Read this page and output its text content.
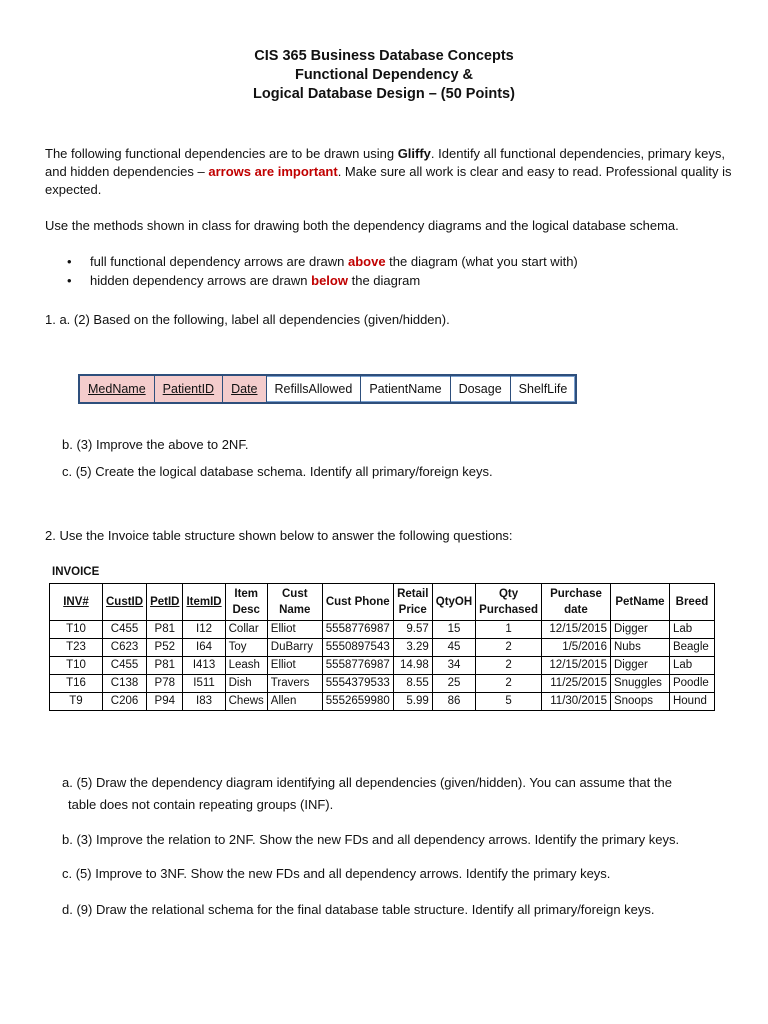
CIS 365 Business Database Concepts
Functional Dependency &
Logical Database Design – (50 Points)
The following functional dependencies are to be drawn using Gliffy. Identify all functional dependencies, primary keys, and hidden dependencies – arrows are important. Make sure all work is clear and easy to read. Professional quality is expected.
Use the methods shown in class for drawing both the dependency diagrams and the logical database schema.
• full functional dependency arrows are drawn above the diagram (what you start with)
• hidden dependency arrows are drawn below the diagram
1. a. (2) Based on the following, label all dependencies (given/hidden).
MedName	PatientID	Date	RefillsAllowed	PatientName	Dosage	ShelfLife
b. (3) Improve the above to 2NF.
c. (5) Create the logical database schema. Identify all primary/foreign keys.
2. Use the Invoice table structure shown below to answer the following questions:
INVOICE
INV#	CustID	PetID	ItemID	Item Desc	Cust Name	Cust Phone	Retail Price	QtyOH	Qty Purchased	Purchase date	PetName	Breed
T10	C455	P81	I12	Collar	Elliot	5558776987	9.57	15	1	12/15/2015	Digger	Lab
T23	C623	P52	I64	Toy	DuBarry	5550897543	3.29	45	2	1/5/2016	Nubs	Beagle
T10	C455	P81	I413	Leash	Elliot	5558776987	14.98	34	2	12/15/2015	Digger	Lab
T16	C138	P78	I511	Dish	Travers	5554379533	8.55	25	2	11/25/2015	Snuggles	Poodle
T9	C206	P94	I83	Chews	Allen	5552659980	5.99	86	5	11/30/2015	Snoops	Hound
a. (5) Draw the dependency diagram identifying all dependencies (given/hidden). You can assume that the
table does not contain repeating groups (INF).
b. (3) Improve the relation to 2NF. Show the new FDs and all dependency arrows. Identify the primary keys.
c. (5) Improve to 3NF. Show the new FDs and all dependency arrows. Identify the primary keys.
d. (9) Draw the relational schema for the final database table structure. Identify all primary/foreign keys.
